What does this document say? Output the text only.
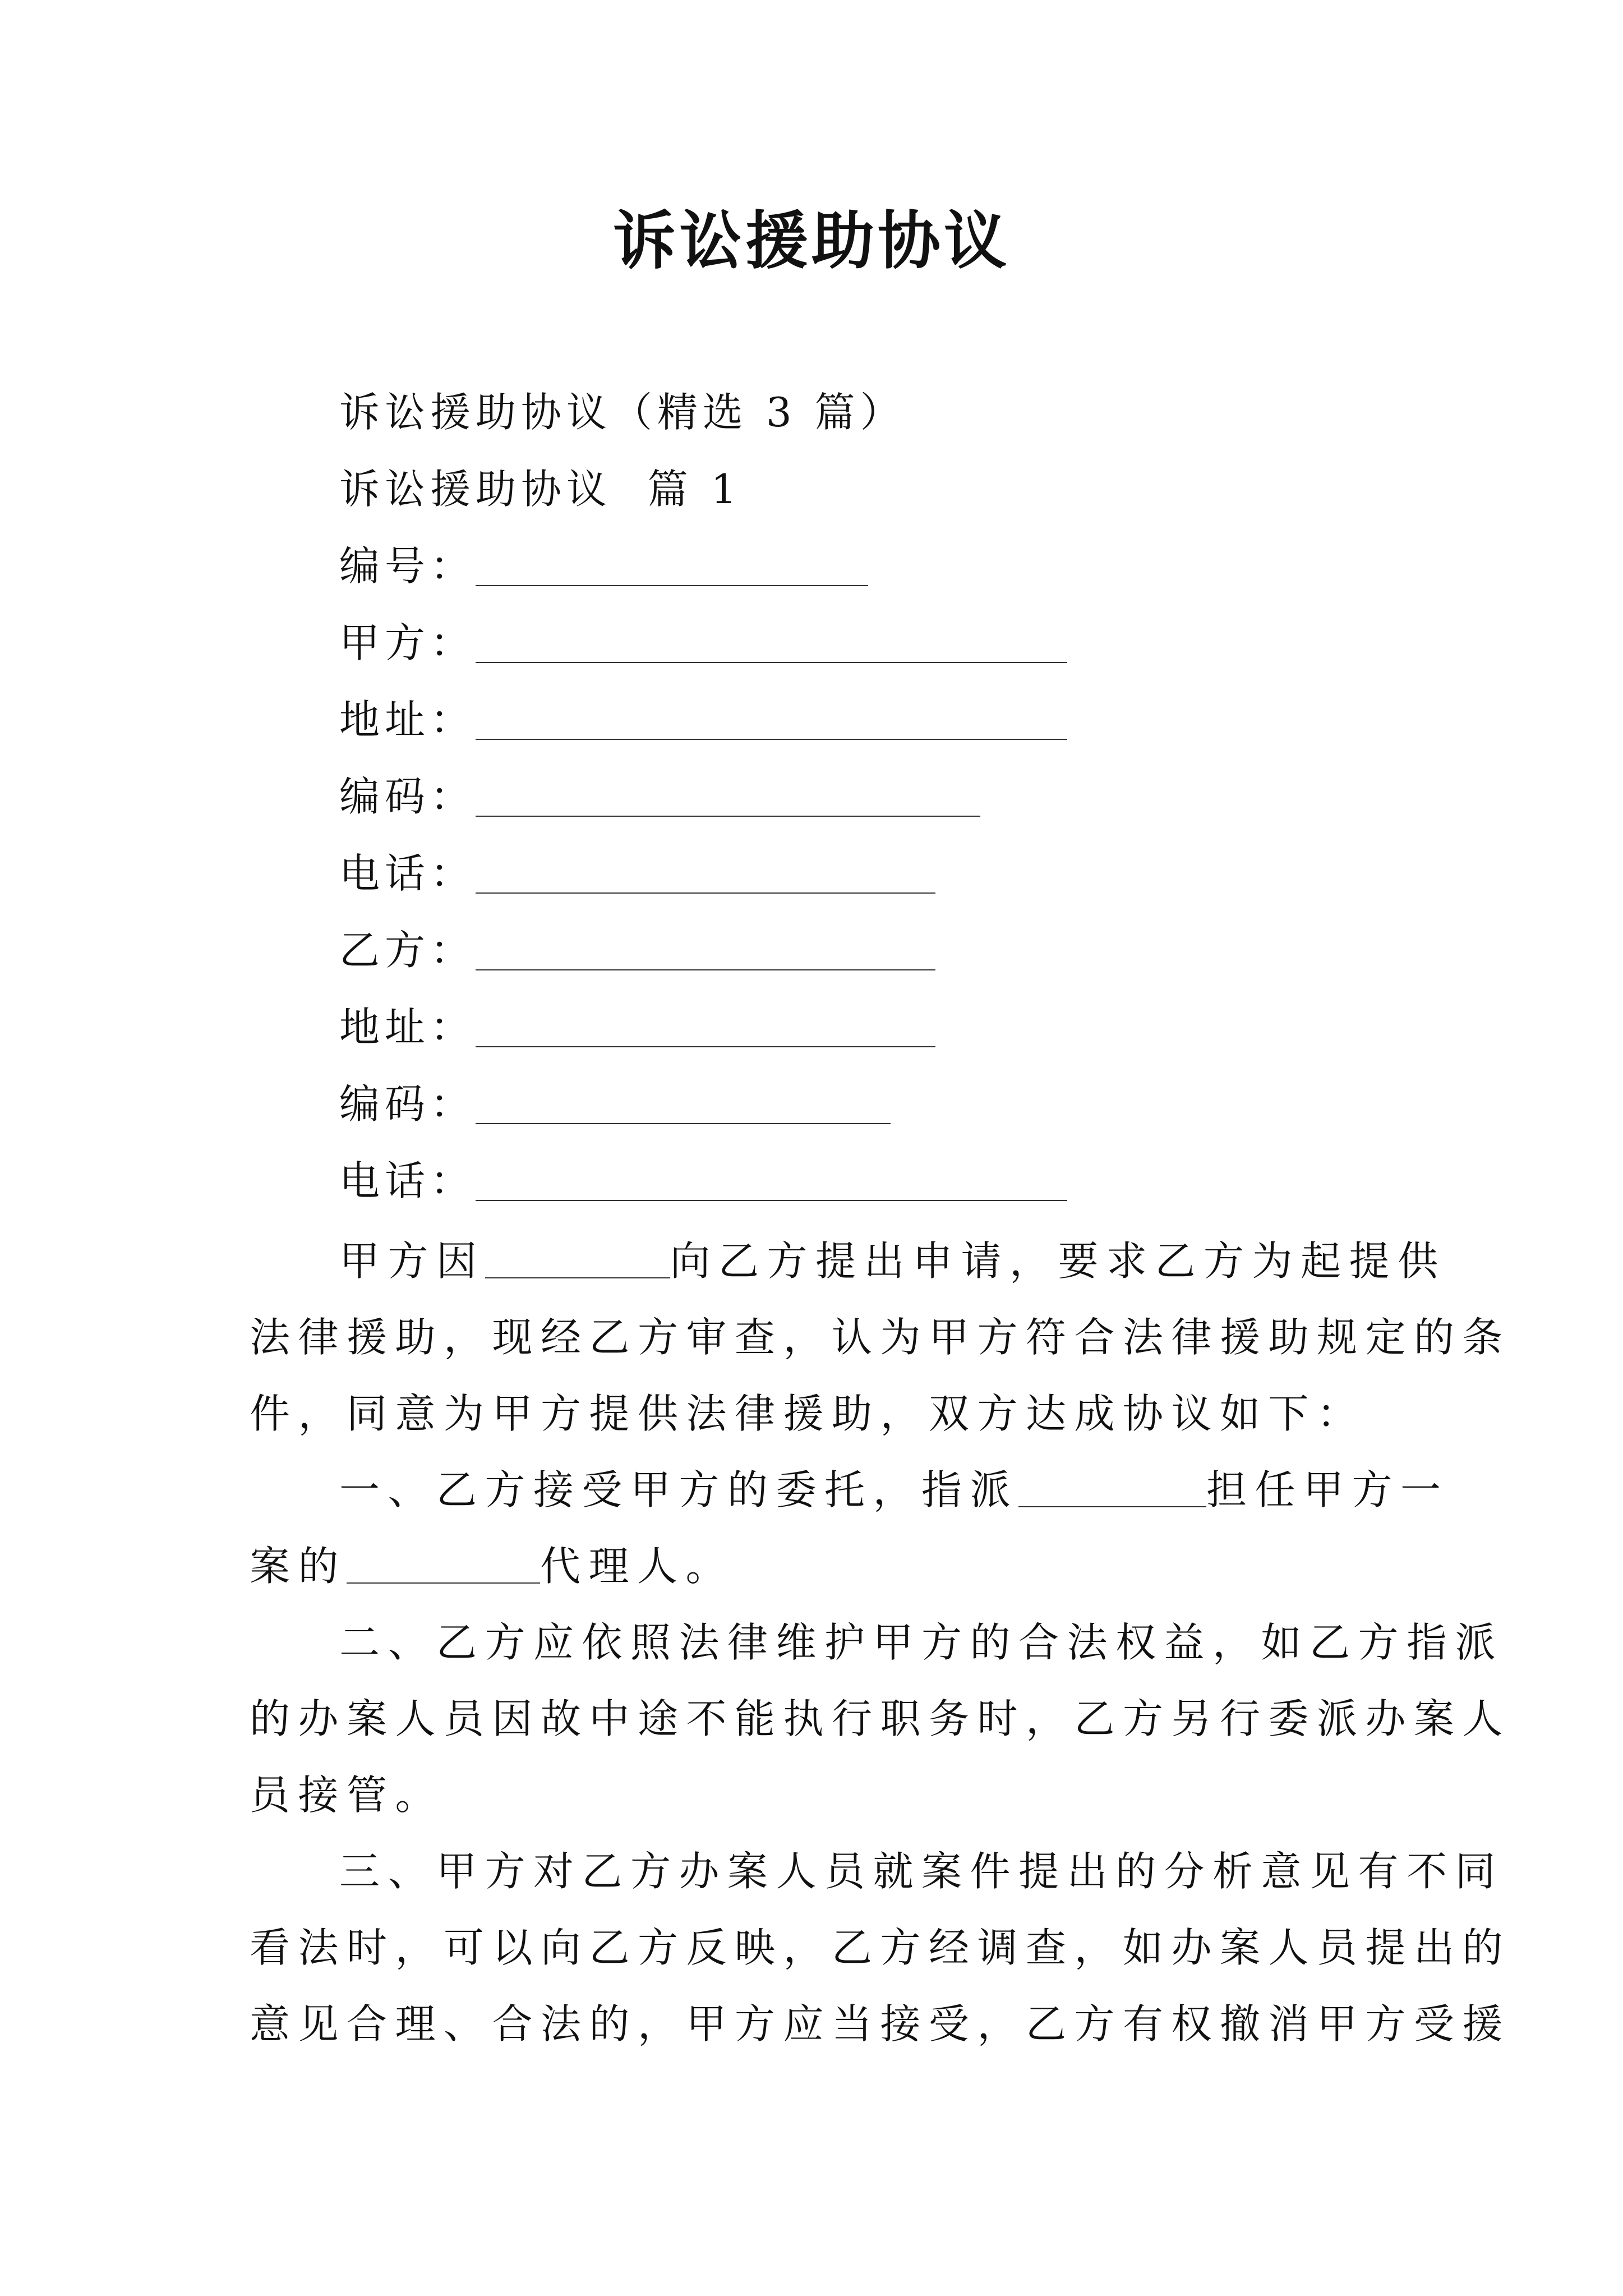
诉讼援助协议
诉讼援助协议（精选 3 篇）
诉讼援助协议  篇 1
编号：
甲方：
地址：
编码：
电话：
乙方：
地址：
编码：
电话：
甲方因	向乙方提出申请，要求乙方为起提供
法律援助，现经乙方审查，认为甲方符合法律援助规定的条
件，同意为甲方提供法律援助，双方达成协议如下：
一、乙方接受甲方的委托，指派	担任甲方一
案的	代理人。
二、乙方应依照法律维护甲方的合法权益，如乙方指派
的办案人员因故中途不能执行职务时，乙方另行委派办案人
员接管。
三、甲方对乙方办案人员就案件提出的分析意见有不同
看法时，可以向乙方反映，乙方经调查，如办案人员提出的
意见合理、合法的，甲方应当接受，乙方有权撤消甲方受援
